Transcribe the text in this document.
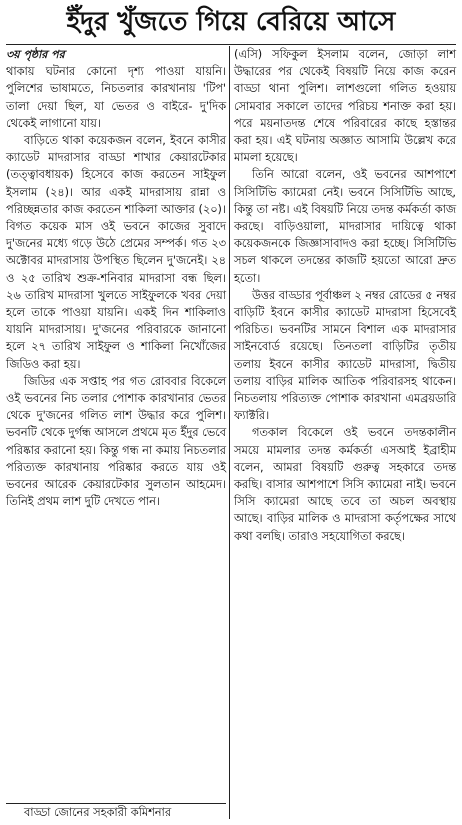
ইঁদুর খুঁজতে গিয়ে বেরিয়ে আসে

৩য় পৃষ্ঠার পর
থাকায় ঘটনার কোনো দৃশ্য পাওয়া যায়নি। পুলিশের ভাষামতে, নিচতলার কারখানায় 'টিপ' তালা দেয়া ছিল, যা ভেতর ও বাইরে- দু'দিক থেকেই লাগানো যায়।

বাড়িতে থাকা কয়েকজন বলেন, ইবনে কাসীর ক্যাডেট মাদরাসার বাড্ডা শাখার কেয়ারটেকার (তত্ত্বাবধায়ক) হিসেবে কাজ করতেন সাইফুল ইসলাম (২৪)। আর একই মাদরাসায় রান্না ও পরিচ্ছন্নতার কাজ করতেন শাকিলা আক্তার (২০)। বিগত কয়েক মাস ওই ভবনে কাজের সুবাদে দু'জনের মধ্যে গড়ে উঠে প্রেমের সম্পর্ক। গত ২৩ অক্টোবর মাদরাসায় উপস্থিত ছিলেন দু'জনেই। ২৪ ও ২৫ তারিখ শুক্র-শনিবার মাদরাসা বন্ধ ছিল। ২৬ তারিখ মাদরাসা খুলতে সাইফুলকে খবর দেয়া হলে তাকে পাওয়া যায়নি। একই দিন শাকিলাও যায়নি মাদরাসায়। দু'জনের পরিবারকে জানানো হলে ২৭ তারিখ সাইফুল ও শাকিলা নিখোঁজের জিডিও করা হয়।

জিডির এক সপ্তাহ পর গত রোববার বিকেলে ওই ভবনের নিচ তলার পোশাক কারখানার ভেতর থেকে দু'জনের গলিত লাশ উদ্ধার করে পুলিশ। ভবনটি থেকে দুর্গন্ধ আসলে প্রথমে মৃত ইঁদুর ভেবে পরিষ্কার করানো হয়। কিন্তু গন্ধ না কমায় নিচতলার পরিত্যক্ত কারখানায় পরিষ্কার করতে যায় ওই ভবনের আরেক কেয়ারটেকার সুলতান আহমেদ। তিনিই প্রথম লাশ দুটি দেখতে পান।

বাড্ডা জোনের সহকারী কমিশনার

(এসি) সফিকুল ইসলাম বলেন, জোড়া লাশ উদ্ধারের পর থেকেই বিষয়টি নিয়ে কাজ করেন বাড্ডা থানা পুলিশ। লাশগুলো গলিত হওয়ায় সোমবার সকালে তাদের পরিচয় শনাক্ত করা হয়। পরে ময়নাতদন্ত শেষে পরিবারের কাছে হস্তান্তর করা হয়। এই ঘটনায় অজ্ঞাত আসামি উল্লেখ করে মামলা হয়েছে।

তিনি আরো বলেন, ওই ভবনের আশপাশে সিসিটিভি ক্যামেরা নেই। ভবনে সিসিটিভি আছে, কিন্তু তা নষ্ট। এই বিষয়টি নিয়ে তদন্ত কর্মকর্তা কাজ করছে। বাড়িওয়ালা, মাদরাসার দায়িত্বে থাকা কয়েকজনকে জিজ্ঞাসাবাদও করা হচ্ছে। সিসিটিভি সচল থাকলে তদন্তের কাজটি হয়তো আরো দ্রুত হতো।

উত্তর বাড্ডার পূর্বাঞ্চল ২ নম্বর রোডের ৫ নম্বর বাড়িটি ইবনে কাসীর ক্যাডেট মাদরাসা হিসেবেই পরিচিত। ভবনটির সামনে বিশাল এক মাদরাসার সাইনবোর্ড রয়েছে। তিনতলা বাড়িটির তৃতীয় তলায় ইবনে কাসীর ক্যাডেট মাদরাসা, দ্বিতীয় তলায় বাড়ির মালিক আতিক পরিবারসহ থাকেন। নিচতলায় পরিত্যক্ত পোশাক কারখানা এমব্রয়ডারি ফ্যাক্টরি।

গতকাল বিকেলে ওই ভবনে তদন্তকালীন সময়ে মামলার তদন্ত কর্মকর্তা এসআই ইব্রাহীম বলেন, আমরা বিষয়টি গুরুত্ব সহকারে তদন্ত করছি। বাসার আশপাশে সিসি ক্যামেরা নাই। ভবনে সিসি ক্যামেরা আছে তবে তা অচল অবস্থায় আছে। বাড়ির মালিক ও মাদরাসা কর্তৃপক্ষের সাথে কথা বলছি। তারাও সহযোগিতা করছে।
